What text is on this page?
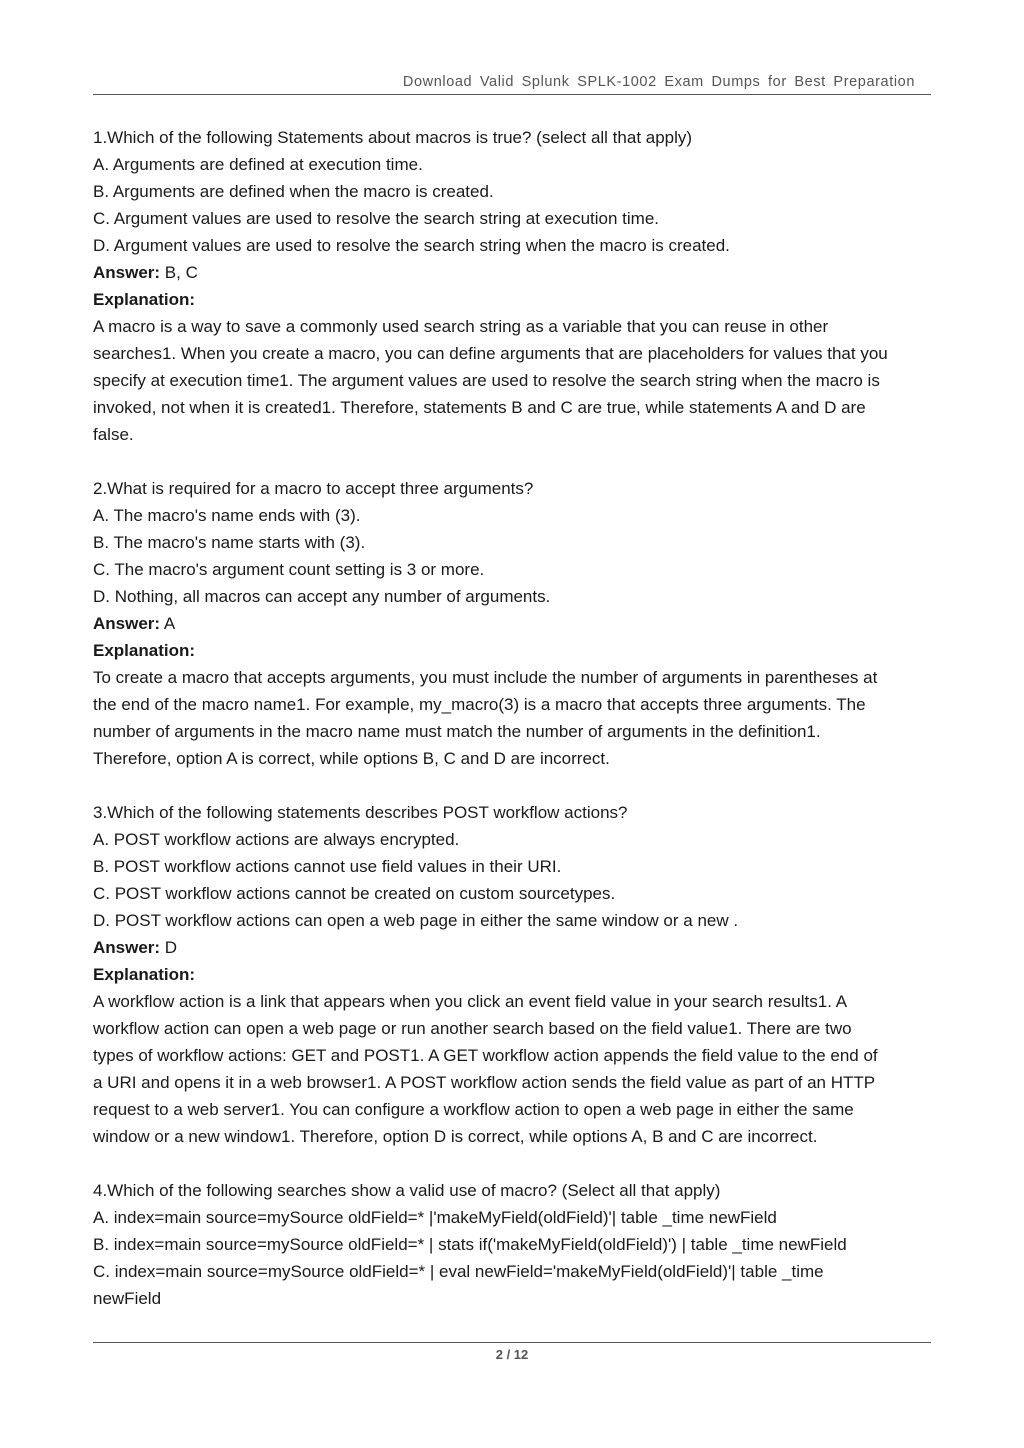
Download Valid Splunk SPLK-1002 Exam Dumps for Best Preparation
1.Which of the following Statements about macros is true? (select all that apply)
A. Arguments are defined at execution time.
B. Arguments are defined when the macro is created.
C. Argument values are used to resolve the search string at execution time.
D. Argument values are used to resolve the search string when the macro is created.
Answer: B, C
Explanation:
A macro is a way to save a commonly used search string as a variable that you can reuse in other
searches1. When you create a macro, you can define arguments that are placeholders for values that you
specify at execution time1. The argument values are used to resolve the search string when the macro is
invoked, not when it is created1. Therefore, statements B and C are true, while statements A and D are
false.
2.What is required for a macro to accept three arguments?
A. The macro's name ends with (3).
B. The macro's name starts with (3).
C. The macro's argument count setting is 3 or more.
D. Nothing, all macros can accept any number of arguments.
Answer: A
Explanation:
To create a macro that accepts arguments, you must include the number of arguments in parentheses at
the end of the macro name1. For example, my_macro(3) is a macro that accepts three arguments. The
number of arguments in the macro name must match the number of arguments in the definition1.
Therefore, option A is correct, while options B, C and D are incorrect.
3.Which of the following statements describes POST workflow actions?
A. POST workflow actions are always encrypted.
B. POST workflow actions cannot use field values in their URI.
C. POST workflow actions cannot be created on custom sourcetypes.
D. POST workflow actions can open a web page in either the same window or a new .
Answer: D
Explanation:
A workflow action is a link that appears when you click an event field value in your search results1. A
workflow action can open a web page or run another search based on the field value1. There are two
types of workflow actions: GET and POST1. A GET workflow action appends the field value to the end of
a URI and opens it in a web browser1. A POST workflow action sends the field value as part of an HTTP
request to a web server1. You can configure a workflow action to open a web page in either the same
window or a new window1. Therefore, option D is correct, while options A, B and C are incorrect.
4.Which of the following searches show a valid use of macro? (Select all that apply)
A. index=main source=mySource oldField=* |'makeMyField(oldField)'| table _time newField
B. index=main source=mySource oldField=* | stats if('makeMyField(oldField)') | table _time newField
C. index=main source=mySource oldField=* | eval newField='makeMyField(oldField)'| table _time
newField
2 / 12
